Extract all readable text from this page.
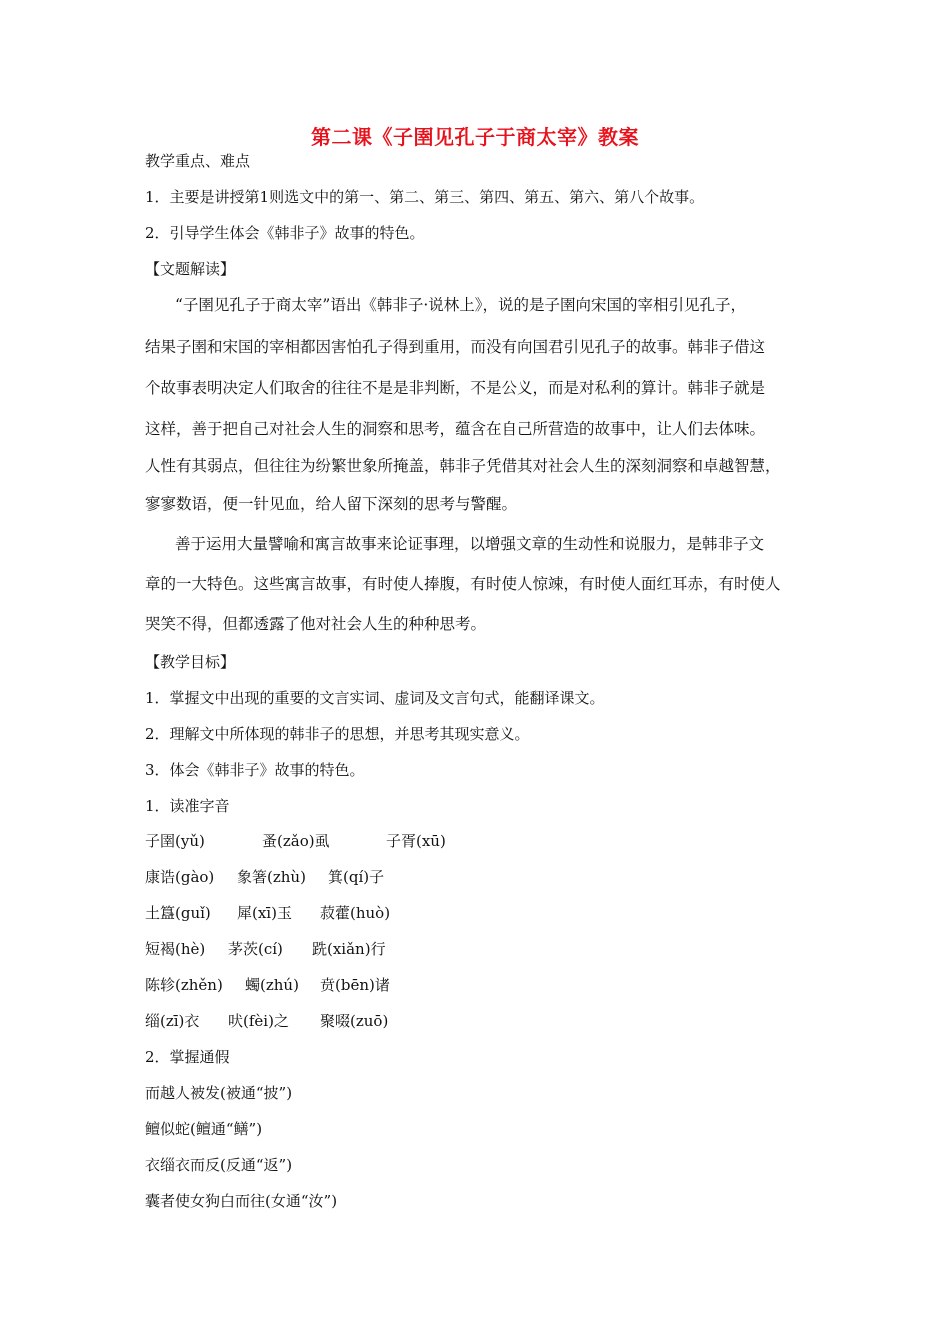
第二课《子圉见孔子于商太宰》教案
教学重点、难点
1．主要是讲授第1则选文中的第一、第二、第三、第四、第五、第六、第八个故事。
2．引导学生体会《韩非子》故事的特色。
【文题解读】
“子圉见孔子于商太宰”语出《韩非子·说林上》，说的是子圉向宋国的宰相引见孔子，
结果子圉和宋国的宰相都因害怕孔子得到重用，而没有向国君引见孔子的故事。韩非子借这
个故事表明决定人们取舍的往往不是是非判断，不是公义，而是对私利的算计。韩非子就是
这样，善于把自己对社会人生的洞察和思考，蕴含在自己所营造的故事中，让人们去体味。
人性有其弱点，但往往为纷繁世象所掩盖，韩非子凭借其对社会人生的深刻洞察和卓越智慧，
寥寥数语，便一针见血，给人留下深刻的思考与警醒。
善于运用大量譬喻和寓言故事来论证事理，以增强文章的生动性和说服力，是韩非子文
章的一大特色。这些寓言故事，有时使人捧腹，有时使人惊竦，有时使人面红耳赤，有时使人
哭笑不得，但都透露了他对社会人生的种种思考。
【教学目标】
1．掌握文中出现的重要的文言实词、虚词及文言句式，能翻译课文。
2．理解文中所体现的韩非子的思想，并思考其现实意义。
3．体会《韩非子》故事的特色。
1．读准字音
子圉(yǔ)	蚤(zǎo)虱	子胥(xū)
康诰(gào) 象箸(zhù) 箕(qí)子
土簋(guǐ) 犀(xī)玉 菽藿(huò)
短褐(hè) 茅茨(cí) 跣(xiǎn)行
陈轸(zhěn) 蠋(zhú) 贲(bēn)诸
缁(zī)衣 吠(fèi)之 聚啜(zuō)
2．掌握通假
而越人被发(被通“披”)
鳣似蛇(鳣通“鳝”)
衣缁衣而反(反通“返”)
囊者使女狗白而往(女通“汝”)
